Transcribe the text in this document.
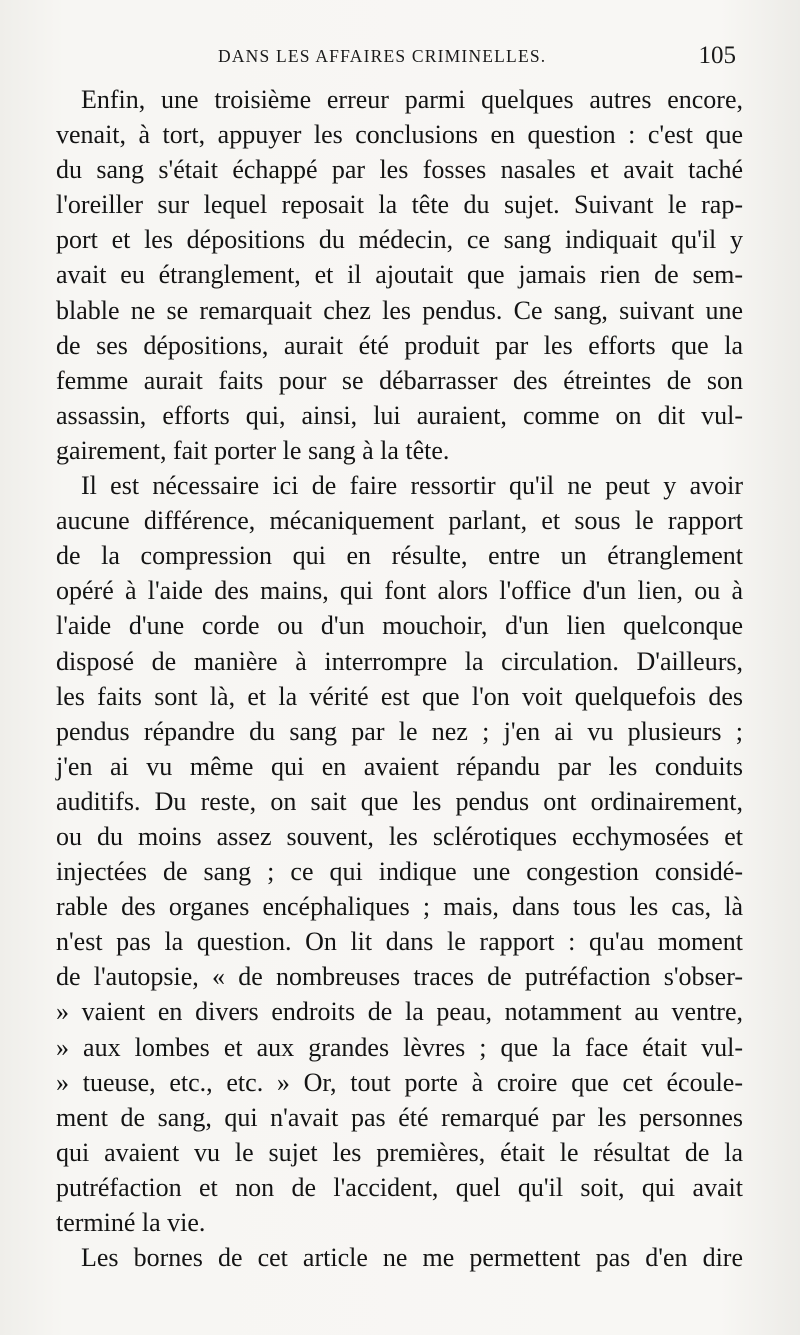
DANS LES AFFAIRES CRIMINELLES.	105
Enfin, une troisième erreur parmi quelques autres encore,
venait, à tort, appuyer les conclusions en question : c'est que
du sang s'était échappé par les fosses nasales et avait taché
l'oreiller sur lequel reposait la tête du sujet. Suivant le rap-
port et les dépositions du médecin, ce sang indiquait qu'il y
avait eu étranglement, et il ajoutait que jamais rien de sem-
blable ne se remarquait chez les pendus. Ce sang, suivant une
de ses dépositions, aurait été produit par les efforts que la
femme aurait faits pour se débarrasser des étreintes de son
assassin, efforts qui, ainsi, lui auraient, comme on dit vul-
gairement, fait porter le sang à la tête.
Il est nécessaire ici de faire ressortir qu'il ne peut y avoir
aucune différence, mécaniquement parlant, et sous le rapport
de la compression qui en résulte, entre un étranglement
opéré à l'aide des mains, qui font alors l'office d'un lien, ou à
l'aide d'une corde ou d'un mouchoir, d'un lien quelconque
disposé de manière à interrompre la circulation. D'ailleurs,
les faits sont là, et la vérité est que l'on voit quelquefois des
pendus répandre du sang par le nez ; j'en ai vu plusieurs ;
j'en ai vu même qui en avaient répandu par les conduits
auditifs. Du reste, on sait que les pendus ont ordinairement,
ou du moins assez souvent, les sclérotiques ecchymosées et
injectées de sang ; ce qui indique une congestion considé-
rable des organes encéphaliques ; mais, dans tous les cas, là
n'est pas la question. On lit dans le rapport : qu'au moment
de l'autopsie, « de nombreuses traces de putréfaction s'obser-
» vaient en divers endroits de la peau, notamment au ventre,
» aux lombes et aux grandes lèvres ; que la face était vul-
» tueuse, etc., etc. » Or, tout porte à croire que cet écoule-
ment de sang, qui n'avait pas été remarqué par les personnes
qui avaient vu le sujet les premières, était le résultat de la
putréfaction et non de l'accident, quel qu'il soit, qui avait
terminé la vie.
Les bornes de cet article ne me permettent pas d'en dire
